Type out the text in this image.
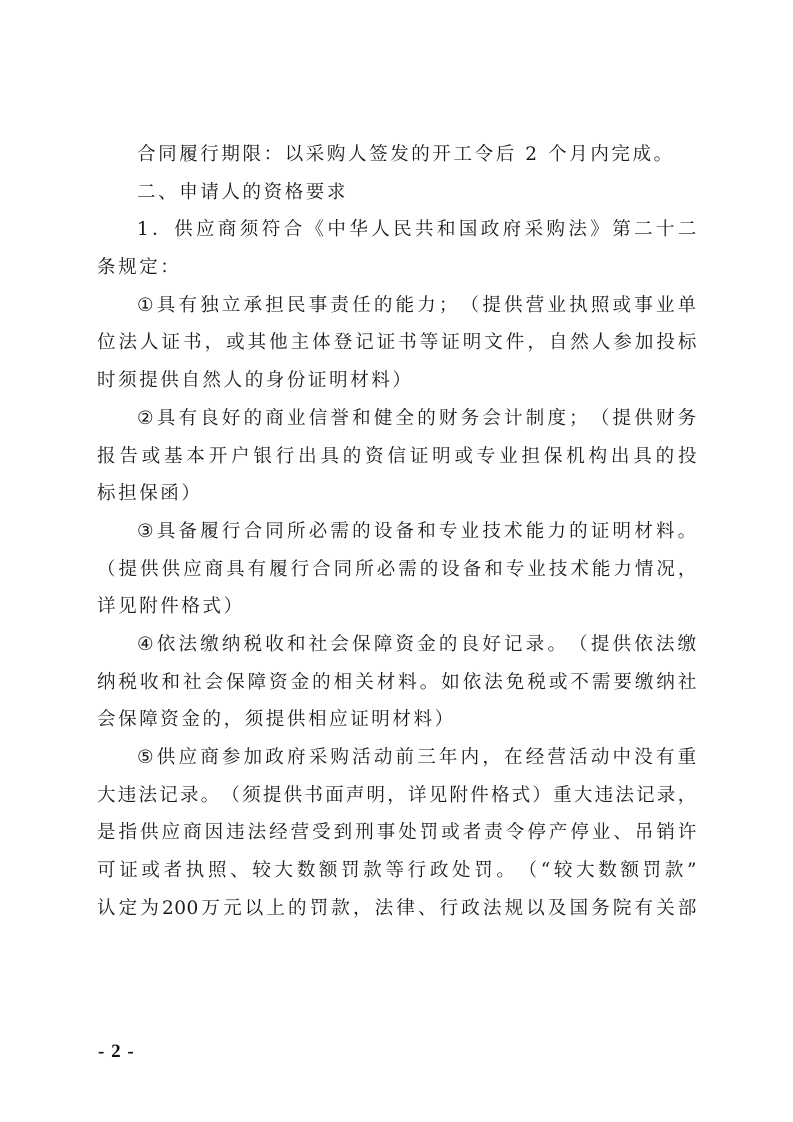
合同履行期限：以采购人签发的开工令后 2 个月内完成。
二、申请人的资格要求
1 ． 供 应 商 须 符 合 《 中 华 人 民 共 和 国 政 府 采 购 法 》 第 二 十 二
条规定：
① 具 有 独 立 承 担 民 事 责 任 的 能 力 ； （ 提 供 营 业 执 照 或 事 业 单
位 法 人 证 书 ， 或 其 他 主 体 登 记 证 书 等 证 明 文 件 ， 自 然 人 参 加 投 标
时须提供自然人的身份证明材料）
② 具 有 良 好 的 商 业 信 誉 和 健 全 的 财 务 会 计 制 度 ； （ 提 供 财 务
报 告 或 基 本 开 户 银 行 出 具 的 资 信 证 明 或 专 业 担 保 机 构 出 具 的 投
标担保函）
③ 具 备 履 行 合 同 所 必 需 的 设 备 和 专 业 技 术 能 力 的 证 明 材 料 。
（ 提 供 供 应 商 具 有 履 行 合 同 所 必 需 的 设 备 和 专 业 技 术 能 力 情 况 ，
详见附件格式）
④ 依 法 缴 纳 税 收 和 社 会 保 障 资 金 的 良 好 记 录 。 （ 提 供 依 法 缴
纳 税 收 和 社 会 保 障 资 金 的 相 关 材 料 。 如 依 法 免 税 或 不 需 要 缴 纳 社
会保障资金的，须提供相应证明材料）
⑤ 供 应 商 参 加 政 府 采 购 活 动 前 三 年 内 ， 在 经 营 活 动 中 没 有 重
大 违 法 记 录 。 （ 须 提 供 书 面 声 明 ， 详 见 附 件 格 式 ） 重 大 违 法 记 录 ，
是 指 供 应 商 因 违 法 经 营 受 到 刑 事 处 罚 或 者 责 令 停 产 停 业 、 吊 销 许
可 证 或 者 执 照 、 较 大 数 额 罚 款 等 行 政 处 罚 。 （ “ 较 大 数 额 罚 款 ”
认 定 为 200 万 元 以 上 的 罚 款 ， 法 律 、 行 政 法 规 以 及 国 务 院 有 关 部
- 2 -
